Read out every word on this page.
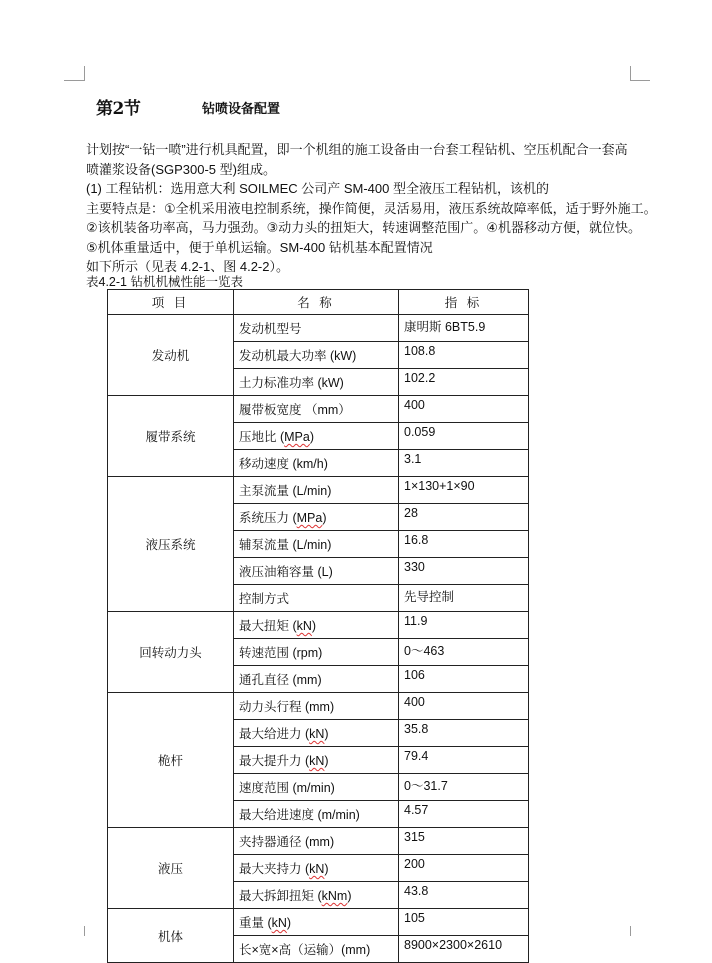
第2节	钻喷设备配置
计划按“一钻一喷”进行机具配置，即一个机组的施工设备由一台套工程钻机、空压机配合一套高
喷灌浆设备(SGP300-5 型)组成。
(1) 工程钻机：选用意大利 SOILMEC 公司产 SM-400 型全液压工程钻机，该机的
主要特点是：①全机采用液电控制系统，操作简便，灵活易用，液压系统故障率低，适于野外施工。
②该机装备功率高，马力强劲。③动力头的扭矩大，转速调整范围广。④机器移动方便，就位快。
⑤机体重量适中，便于单机运输。SM-400 钻机基本配置情况
如下所示（见表 4.2-1、图 4.2-2）。
表4.2-1 钻机机械性能一览表
项 目	名 称	指 标
发动机	发动机型号	康明斯 6BT5.9
	发动机最大功率 (kW)	108.8
	土力标准功率 (kW)	102.2
履带系统	履带板宽度 （mm）	400
	压地比 (MPa)	0.059
	移动速度 (km/h)	3.1
液压系统	主泵流量 (L/min)	1×130+1×90
	系统压力 (MPa)	28
	辅泵流量 (L/min)	16.8
	液压油箱容量 (L)	330
	控制方式	先导控制
回转动力头	最大扭矩 (kN)	11.9
	转速范围 (rpm)	0～463
	通孔直径 (mm)	106
桅杆	动力头行程 (mm)	400
	最大给进力 (kN)	35.8
	最大提升力 (kN)	79.4
	速度范围 (m/min)	0～31.7
	最大给进速度 (m/min)	4.57
液压	夹持器通径 (mm)	315
	最大夹持力 (kN)	200
	最大拆卸扭矩 (kNm)	43.8
机体	重量 (kN)	105
	长×宽×高（运输）(mm)	8900×2300×2610
